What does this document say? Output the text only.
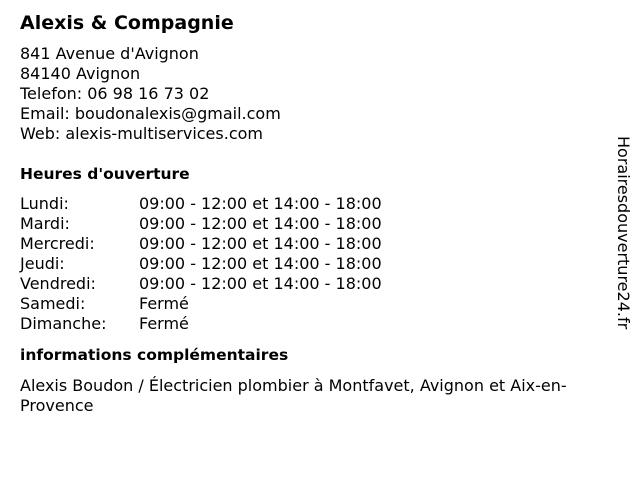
Alexis & Compagnie
841 Avenue d'Avignon
84140 Avignon
Telefon: 06 98 16 73 02
Email: boudonalexis@gmail.com
Web: alexis-multiservices.com
Heures d'ouverture
Lundi:	09:00 - 12:00 et 14:00 - 18:00
Mardi:	09:00 - 12:00 et 14:00 - 18:00
Mercredi:	09:00 - 12:00 et 14:00 - 18:00
Jeudi:	09:00 - 12:00 et 14:00 - 18:00
Vendredi:	09:00 - 12:00 et 14:00 - 18:00
Samedi:	Fermé
Dimanche:	Fermé
informations complémentaires
Alexis Boudon / Électricien plombier à Montfavet, Avignon et Aix-en-Provence
Horairesdouverture24.fr
